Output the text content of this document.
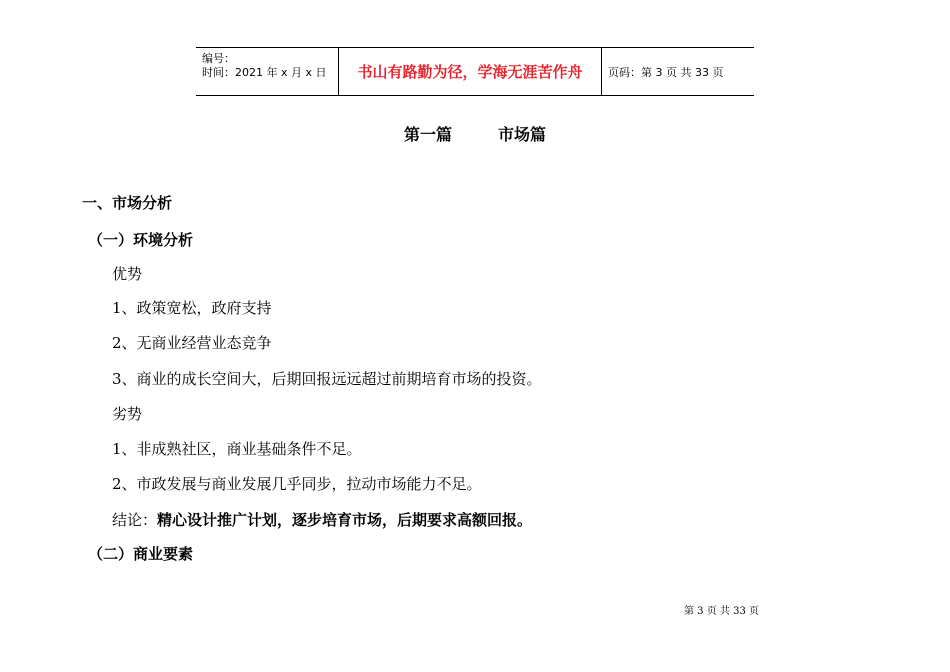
编号：
时间：2021 年 x 月 x 日	书山有路勤为径，学海无涯苦作舟	页码：第 3 页 共 33 页
第一篇	市场篇
一、市场分析
（一）环境分析
优势
1、政策宽松，政府支持
2、无商业经营业态竞争
3、商业的成长空间大，后期回报远远超过前期培育市场的投资。
劣势
1、非成熟社区，商业基础条件不足。
2、市政发展与商业发展几乎同步，拉动市场能力不足。
结论：精心设计推广计划，逐步培育市场，后期要求高额回报。
（二）商业要素
第 3 页 共 33 页
